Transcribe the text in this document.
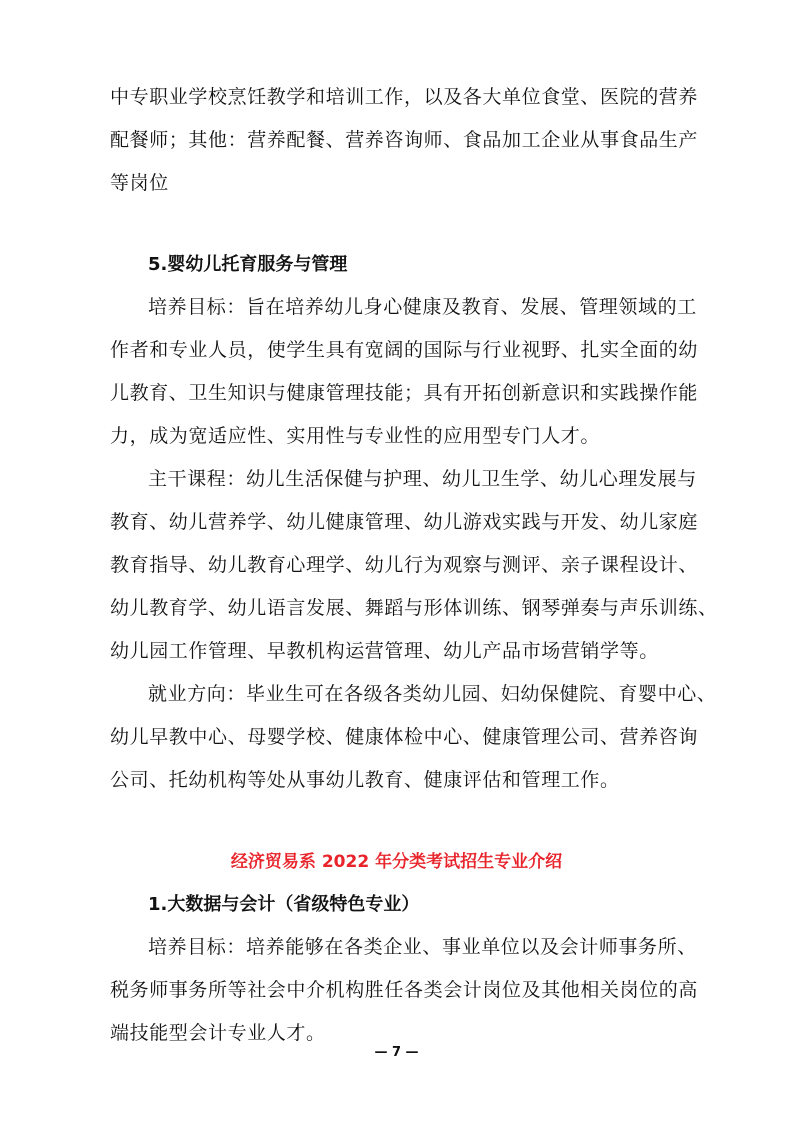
中专职业学校烹饪教学和培训工作，以及各大单位食堂、医院的营养
配餐师；其他：营养配餐、营养咨询师、食品加工企业从事食品生产
等岗位
5.婴幼儿托育服务与管理
培养目标：旨在培养幼儿身心健康及教育、发展、管理领域的工
作者和专业人员，使学生具有宽阔的国际与行业视野、扎实全面的幼
儿教育、卫生知识与健康管理技能；具有开拓创新意识和实践操作能
力，成为宽适应性、实用性与专业性的应用型专门人才。
主干课程：幼儿生活保健与护理、幼儿卫生学、幼儿心理发展与
教育、幼儿营养学、幼儿健康管理、幼儿游戏实践与开发、幼儿家庭
教育指导、幼儿教育心理学、幼儿行为观察与测评、亲子课程设计、
幼儿教育学、幼儿语言发展、舞蹈与形体训练、钢琴弹奏与声乐训练、
幼儿园工作管理、早教机构运营管理、幼儿产品市场营销学等。
就业方向：毕业生可在各级各类幼儿园、妇幼保健院、育婴中心、
幼儿早教中心、母婴学校、健康体检中心、健康管理公司、营养咨询
公司、托幼机构等处从事幼儿教育、健康评估和管理工作。
经济贸易系 2022 年分类考试招生专业介绍
1.大数据与会计（省级特色专业）
培养目标：培养能够在各类企业、事业单位以及会计师事务所、
税务师事务所等社会中介机构胜任各类会计岗位及其他相关岗位的高
端技能型会计专业人才。
— 7 —
